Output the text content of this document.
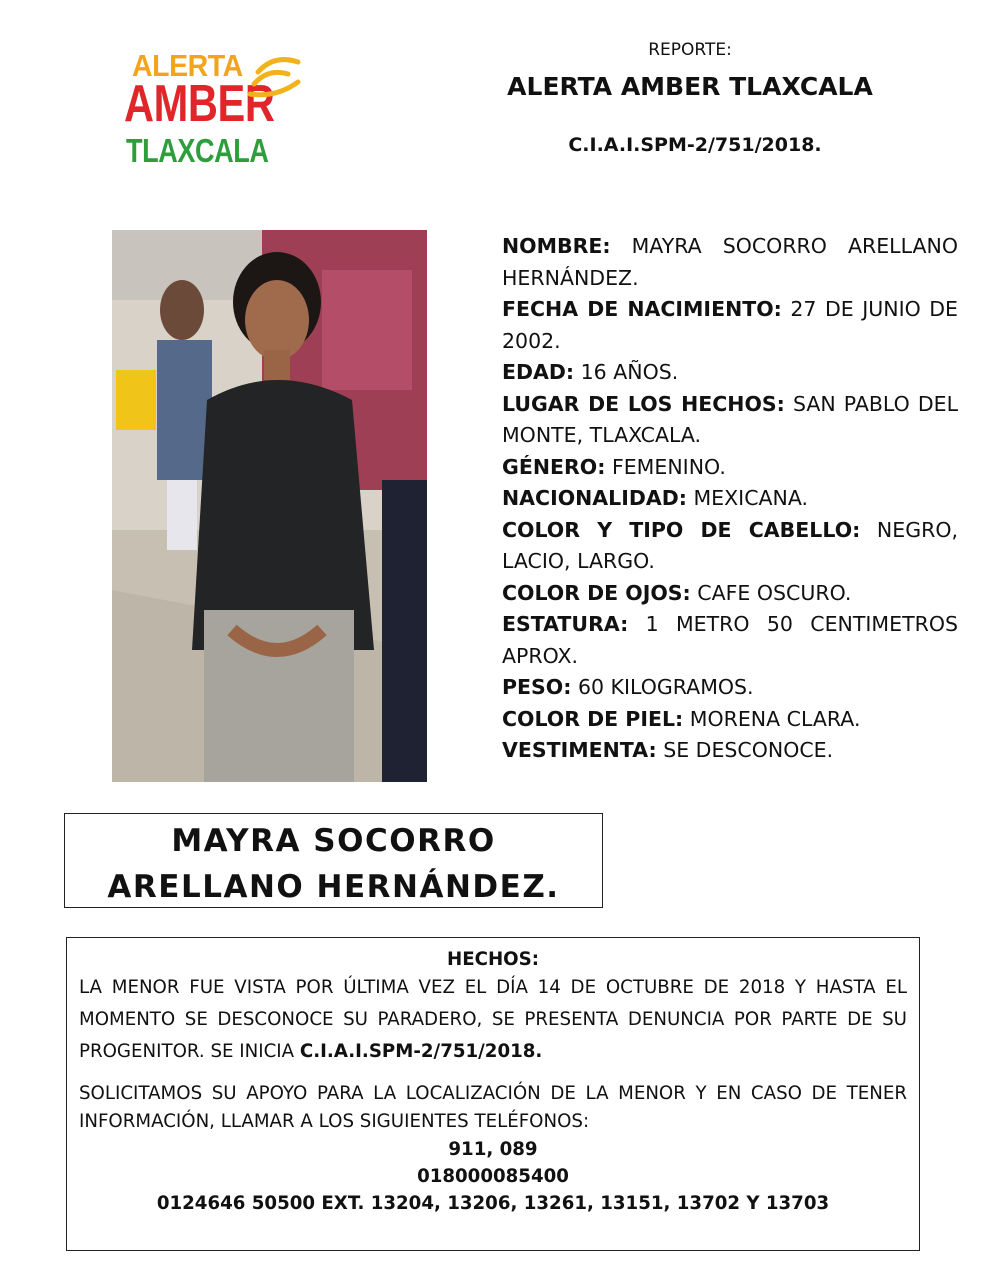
ALERTA
AMBER
TLAXCALA
REPORTE:
ALERTA AMBER TLAXCALA
C.I.A.I.SPM-2/751/2018.

NOMBRE: MAYRA SOCORRO ARELLANO HERNÁNDEZ.

FECHA DE NACIMIENTO: 27 DE JUNIO DE 2002.

EDAD: 16 AÑOS.

LUGAR DE LOS HECHOS: SAN PABLO DEL MONTE, TLAXCALA.

GÉNERO: FEMENINO.

NACIONALIDAD: MEXICANA.

COLOR Y TIPO DE CABELLO: NEGRO, LACIO, LARGO.

COLOR DE OJOS: CAFE OSCURO.

ESTATURA: 1 METRO 50 CENTIMETROS APROX.

PESO: 60 KILOGRAMOS.

COLOR DE PIEL: MORENA CLARA.

VESTIMENTA: SE DESCONOCE.

MAYRA SOCORRO
ARELLANO HERNÁNDEZ.
HECHOS:

LA MENOR FUE VISTA POR ÚLTIMA VEZ EL DÍA 14 DE OCTUBRE DE 2018 Y HASTA EL MOMENTO SE DESCONOCE SU PARADERO, SE PRESENTA DENUNCIA POR PARTE DE SU PROGENITOR. SE INICIA C.I.A.I.SPM-2/751/2018.

SOLICITAMOS SU APOYO PARA LA LOCALIZACIÓN DE LA MENOR Y EN CASO DE TENER INFORMACIÓN, LLAMAR A LOS SIGUIENTES TELÉFONOS:

911, 089
018000085400
0124646 50500 EXT. 13204, 13206, 13261, 13151, 13702 Y 13703
